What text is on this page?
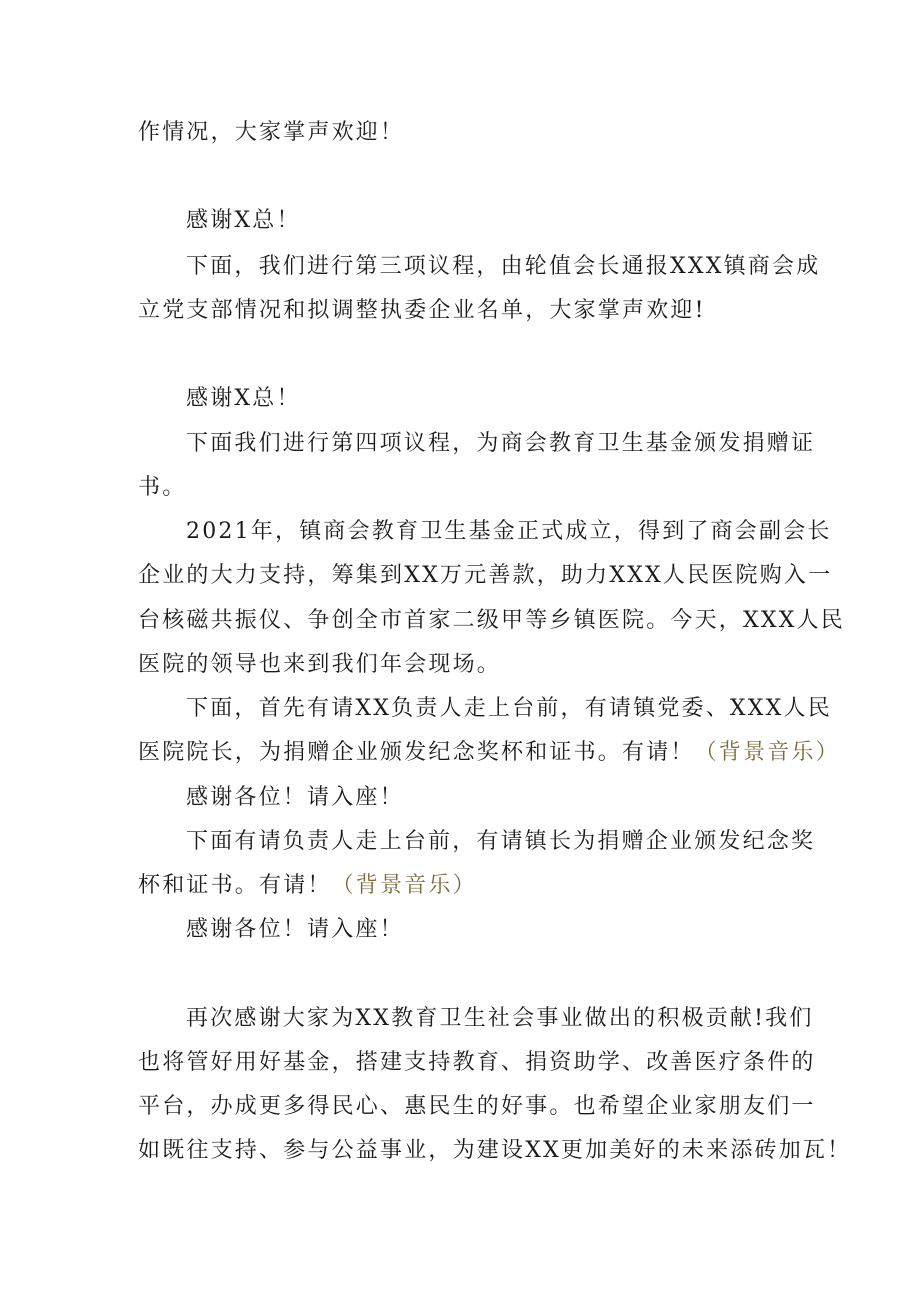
作情况，大家掌声欢迎！
感谢X总！
下面，我们进行第三项议程，由轮值会长通报XXX镇商会成
立党支部情况和拟调整执委企业名单，大家掌声欢迎!
感谢X总！
下面我们进行第四项议程，为商会教育卫生基金颁发捐赠证
书。
2021年，镇商会教育卫生基金正式成立，得到了商会副会长
企业的大力支持，筹集到XX万元善款，助力XXX人民医院购入一
台核磁共振仪、争创全市首家二级甲等乡镇医院。今天，XXX人民
医院的领导也来到我们年会现场。
下面，首先有请XX负责人走上台前，有请镇党委、XXX人民
医院院长，为捐赠企业颁发纪念奖杯和证书。有请！（背景音乐）
感谢各位！请入座！
下面有请负责人走上台前，有请镇长为捐赠企业颁发纪念奖
杯和证书。有请！（背景音乐）
感谢各位！请入座！
再次感谢大家为XX教育卫生社会事业做出的积极贡献!我们
也将管好用好基金，搭建支持教育、捐资助学、改善医疗条件的
平台，办成更多得民心、惠民生的好事。也希望企业家朋友们一
如既往支持、参与公益事业，为建设XX更加美好的未来添砖加瓦！
